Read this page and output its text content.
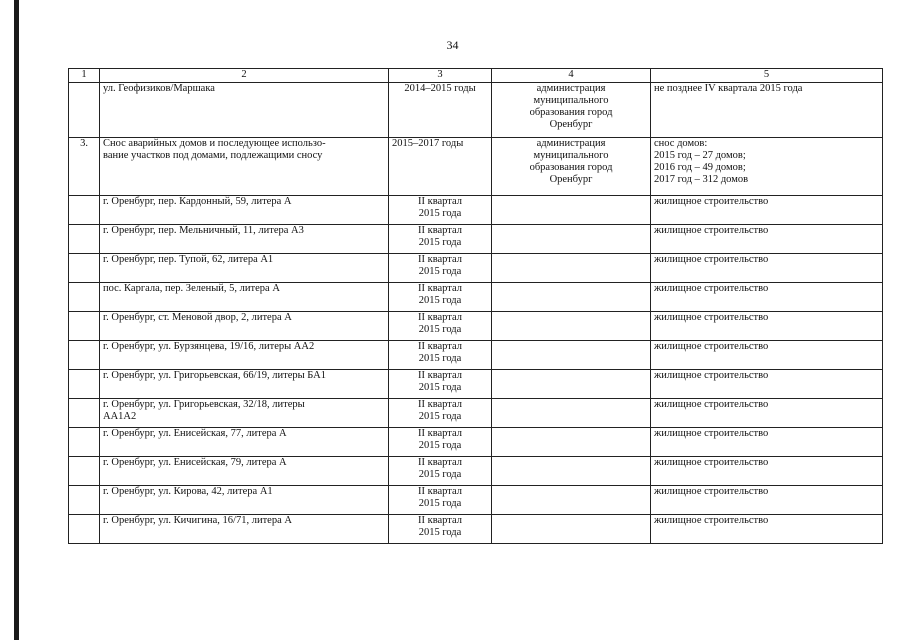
34
1	2	3	4	5
	ул. Геофизиков/Маршака	2014–2015 годы	администрация
муниципального
образования город
Оренбург	не позднее IV квартала 2015 года
3.	Снос аварийных домов и последующее использо-
вание участков под домами, подлежащими сносу	2015–2017 годы	администрация
муниципального
образования город
Оренбург	снос домов:
2015 год – 27 домов;
2016 год – 49 домов;
2017 год – 312 домов
	г. Оренбург, пер. Кардонный, 59, литера А	II квартал
2015 года		жилищное строительство
	г. Оренбург, пер. Мельничный, 11, литера А3	II квартал
2015 года		жилищное строительство
	г. Оренбург, пер. Тупой, 62, литера А1	II квартал
2015 года		жилищное строительство
	пос. Каргала, пер. Зеленый, 5, литера А	II квартал
2015 года		жилищное строительство
	г. Оренбург, ст. Меновой двор, 2, литера А	II квартал
2015 года		жилищное строительство
	г. Оренбург, ул. Бурзянцева, 19/16, литеры АА2	II квартал
2015 года		жилищное строительство
	г. Оренбург, ул. Григорьевская, 66/19, литеры БА1	II квартал
2015 года		жилищное строительство
	г. Оренбург, ул. Григорьевская, 32/18, литеры
АА1А2	II квартал
2015 года		жилищное строительство
	г. Оренбург, ул. Енисейская, 77, литера А	II квартал
2015 года		жилищное строительство
	г. Оренбург, ул. Енисейская, 79, литера А	II квартал
2015 года		жилищное строительство
	г. Оренбург, ул. Кирова, 42, литера А1	II квартал
2015 года		жилищное строительство
	г. Оренбург, ул. Кичигина, 16/71, литера А	II квартал
2015 года		жилищное строительство
